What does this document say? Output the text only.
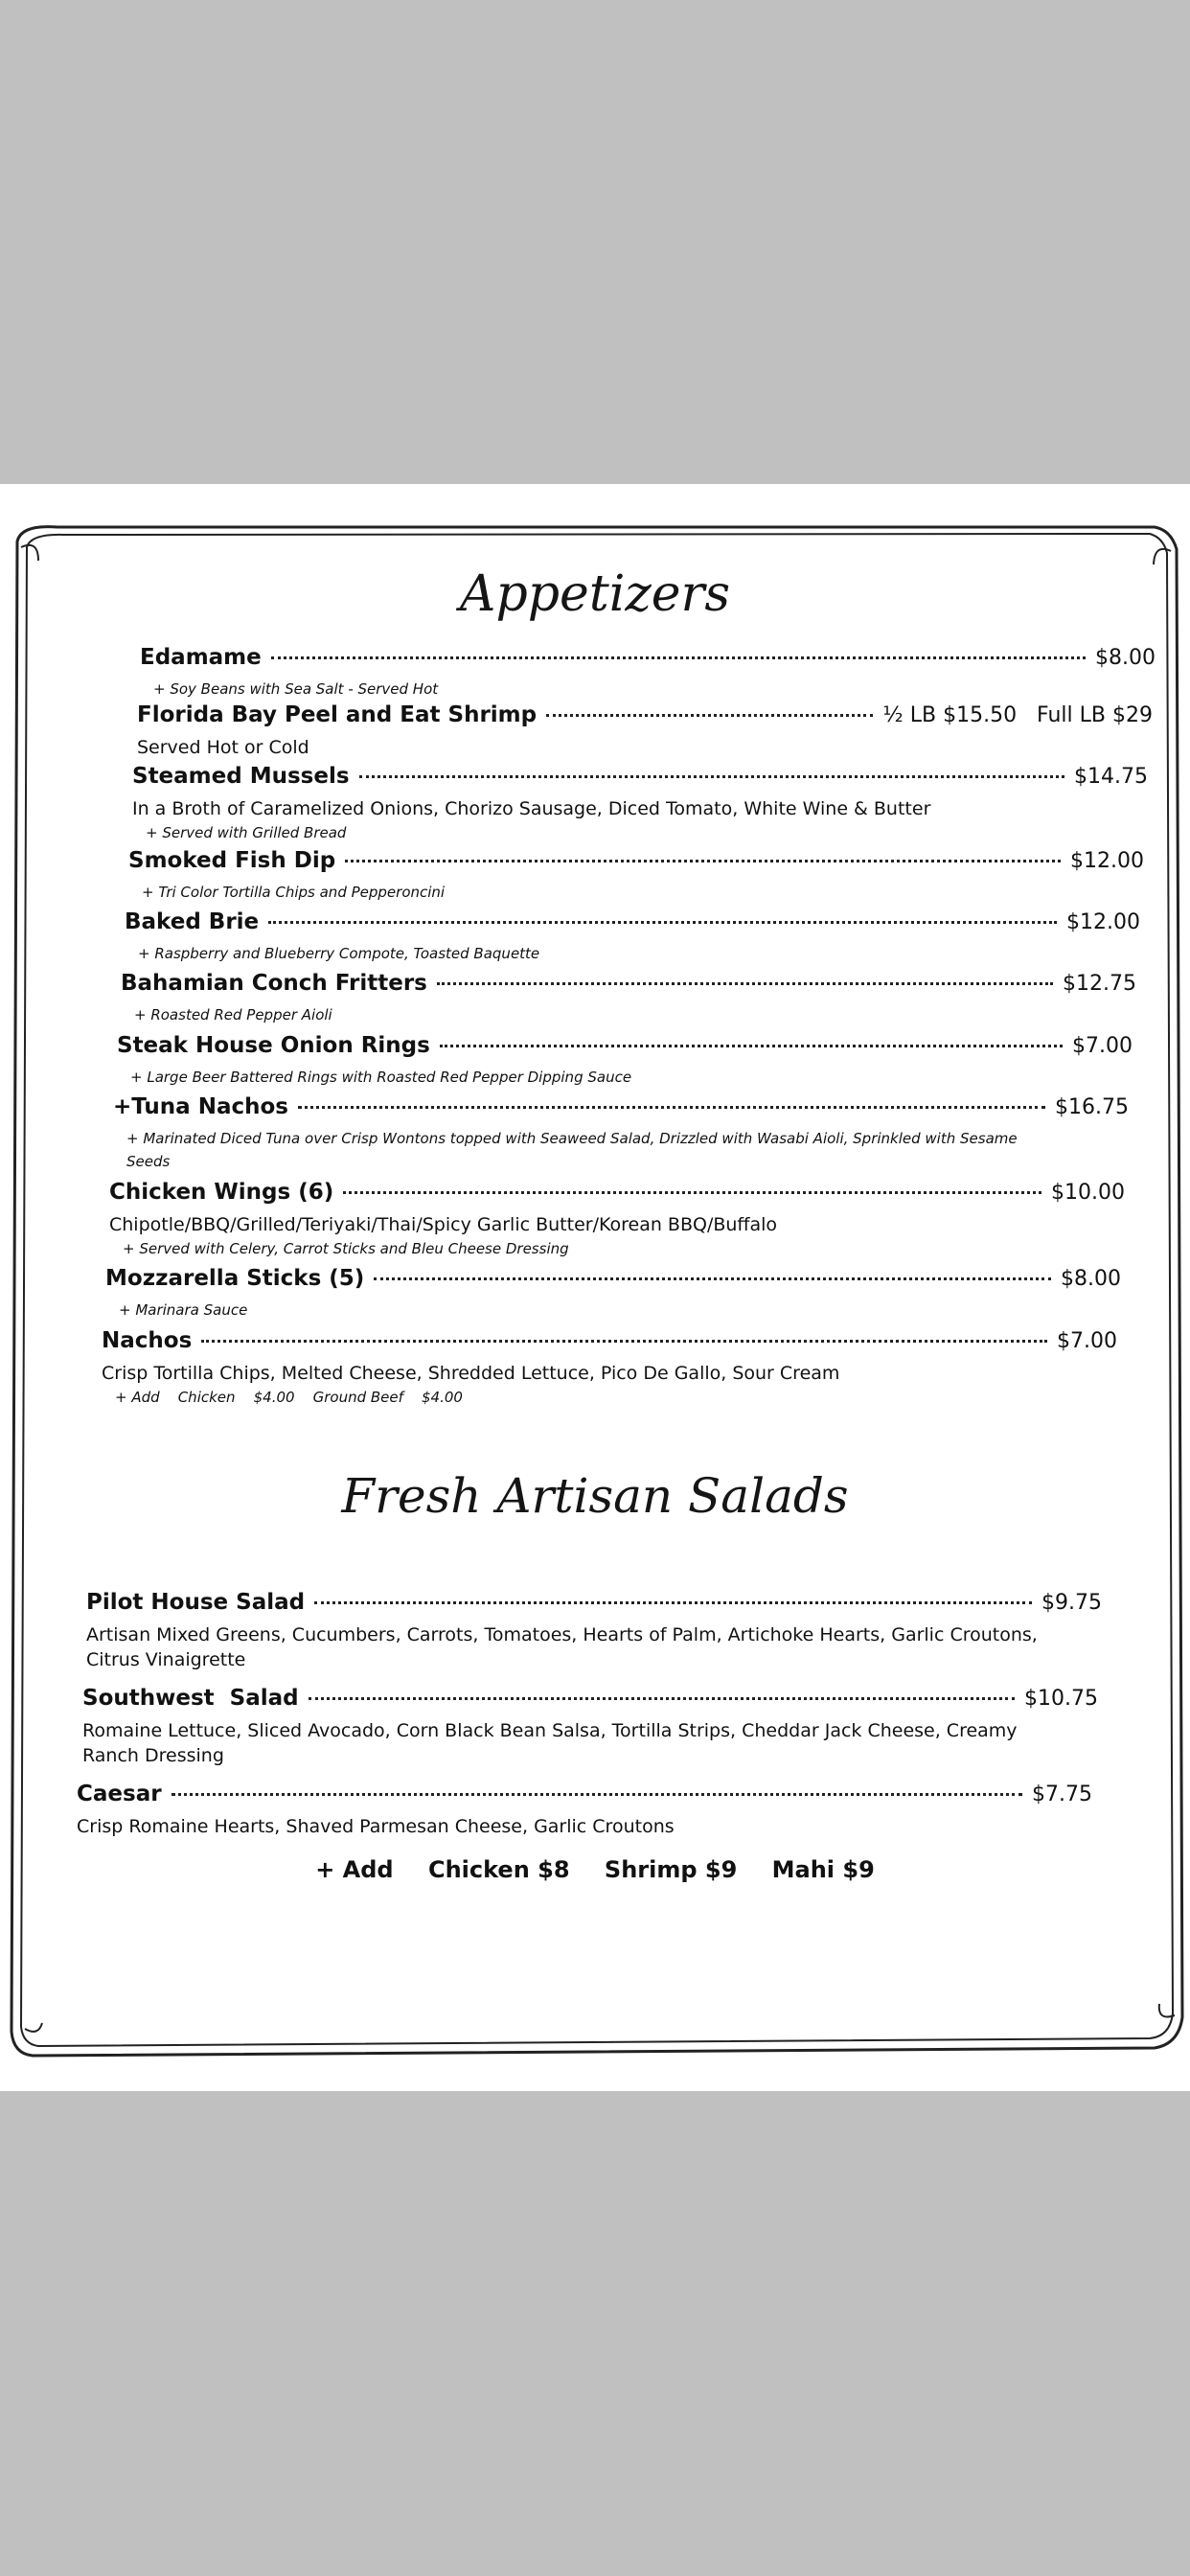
Appetizers
Edamame	$8.00
+ Soy Beans with Sea Salt - Served Hot
Florida Bay Peel and Eat Shrimp	½ LB $15.50   Full LB $29
Served Hot or Cold
Steamed Mussels	$14.75
In a Broth of Caramelized Onions, Chorizo Sausage, Diced Tomato, White Wine & Butter
+ Served with Grilled Bread
Smoked Fish Dip	$12.00
+ Tri Color Tortilla Chips and Pepperoncini
Baked Brie	$12.00
+ Raspberry and Blueberry Compote, Toasted Baquette
Bahamian Conch Fritters	$12.75
+ Roasted Red Pepper Aioli
Steak House Onion Rings	$7.00
+ Large Beer Battered Rings with Roasted Red Pepper Dipping Sauce
+Tuna Nachos	$16.75
+ Marinated Diced Tuna over Crisp Wontons topped with Seaweed Salad, Drizzled with Wasabi Aioli, Sprinkled with Sesame Seeds
Chicken Wings (6)	$10.00
Chipotle/BBQ/Grilled/Teriyaki/Thai/Spicy Garlic Butter/Korean BBQ/Buffalo
+ Served with Celery, Carrot Sticks and Bleu Cheese Dressing
Mozzarella Sticks (5)	$8.00
+ Marinara Sauce
Nachos	$7.00
Crisp Tortilla Chips, Melted Cheese, Shredded Lettuce, Pico De Gallo, Sour Cream
+ Add    Chicken    $4.00    Ground Beef    $4.00
Fresh Artisan Salads
Pilot House Salad	$9.75
Artisan Mixed Greens, Cucumbers, Carrots, Tomatoes, Hearts of Palm, Artichoke Hearts, Garlic Croutons, Citrus Vinaigrette
Southwest  Salad	$10.75
Romaine Lettuce, Sliced Avocado, Corn Black Bean Salsa, Tortilla Strips, Cheddar Jack Cheese, Creamy Ranch Dressing
Caesar	$7.75
Crisp Romaine Hearts, Shaved Parmesan Cheese, Garlic Croutons
+ Add Chicken $8 Shrimp $9 Mahi $9
